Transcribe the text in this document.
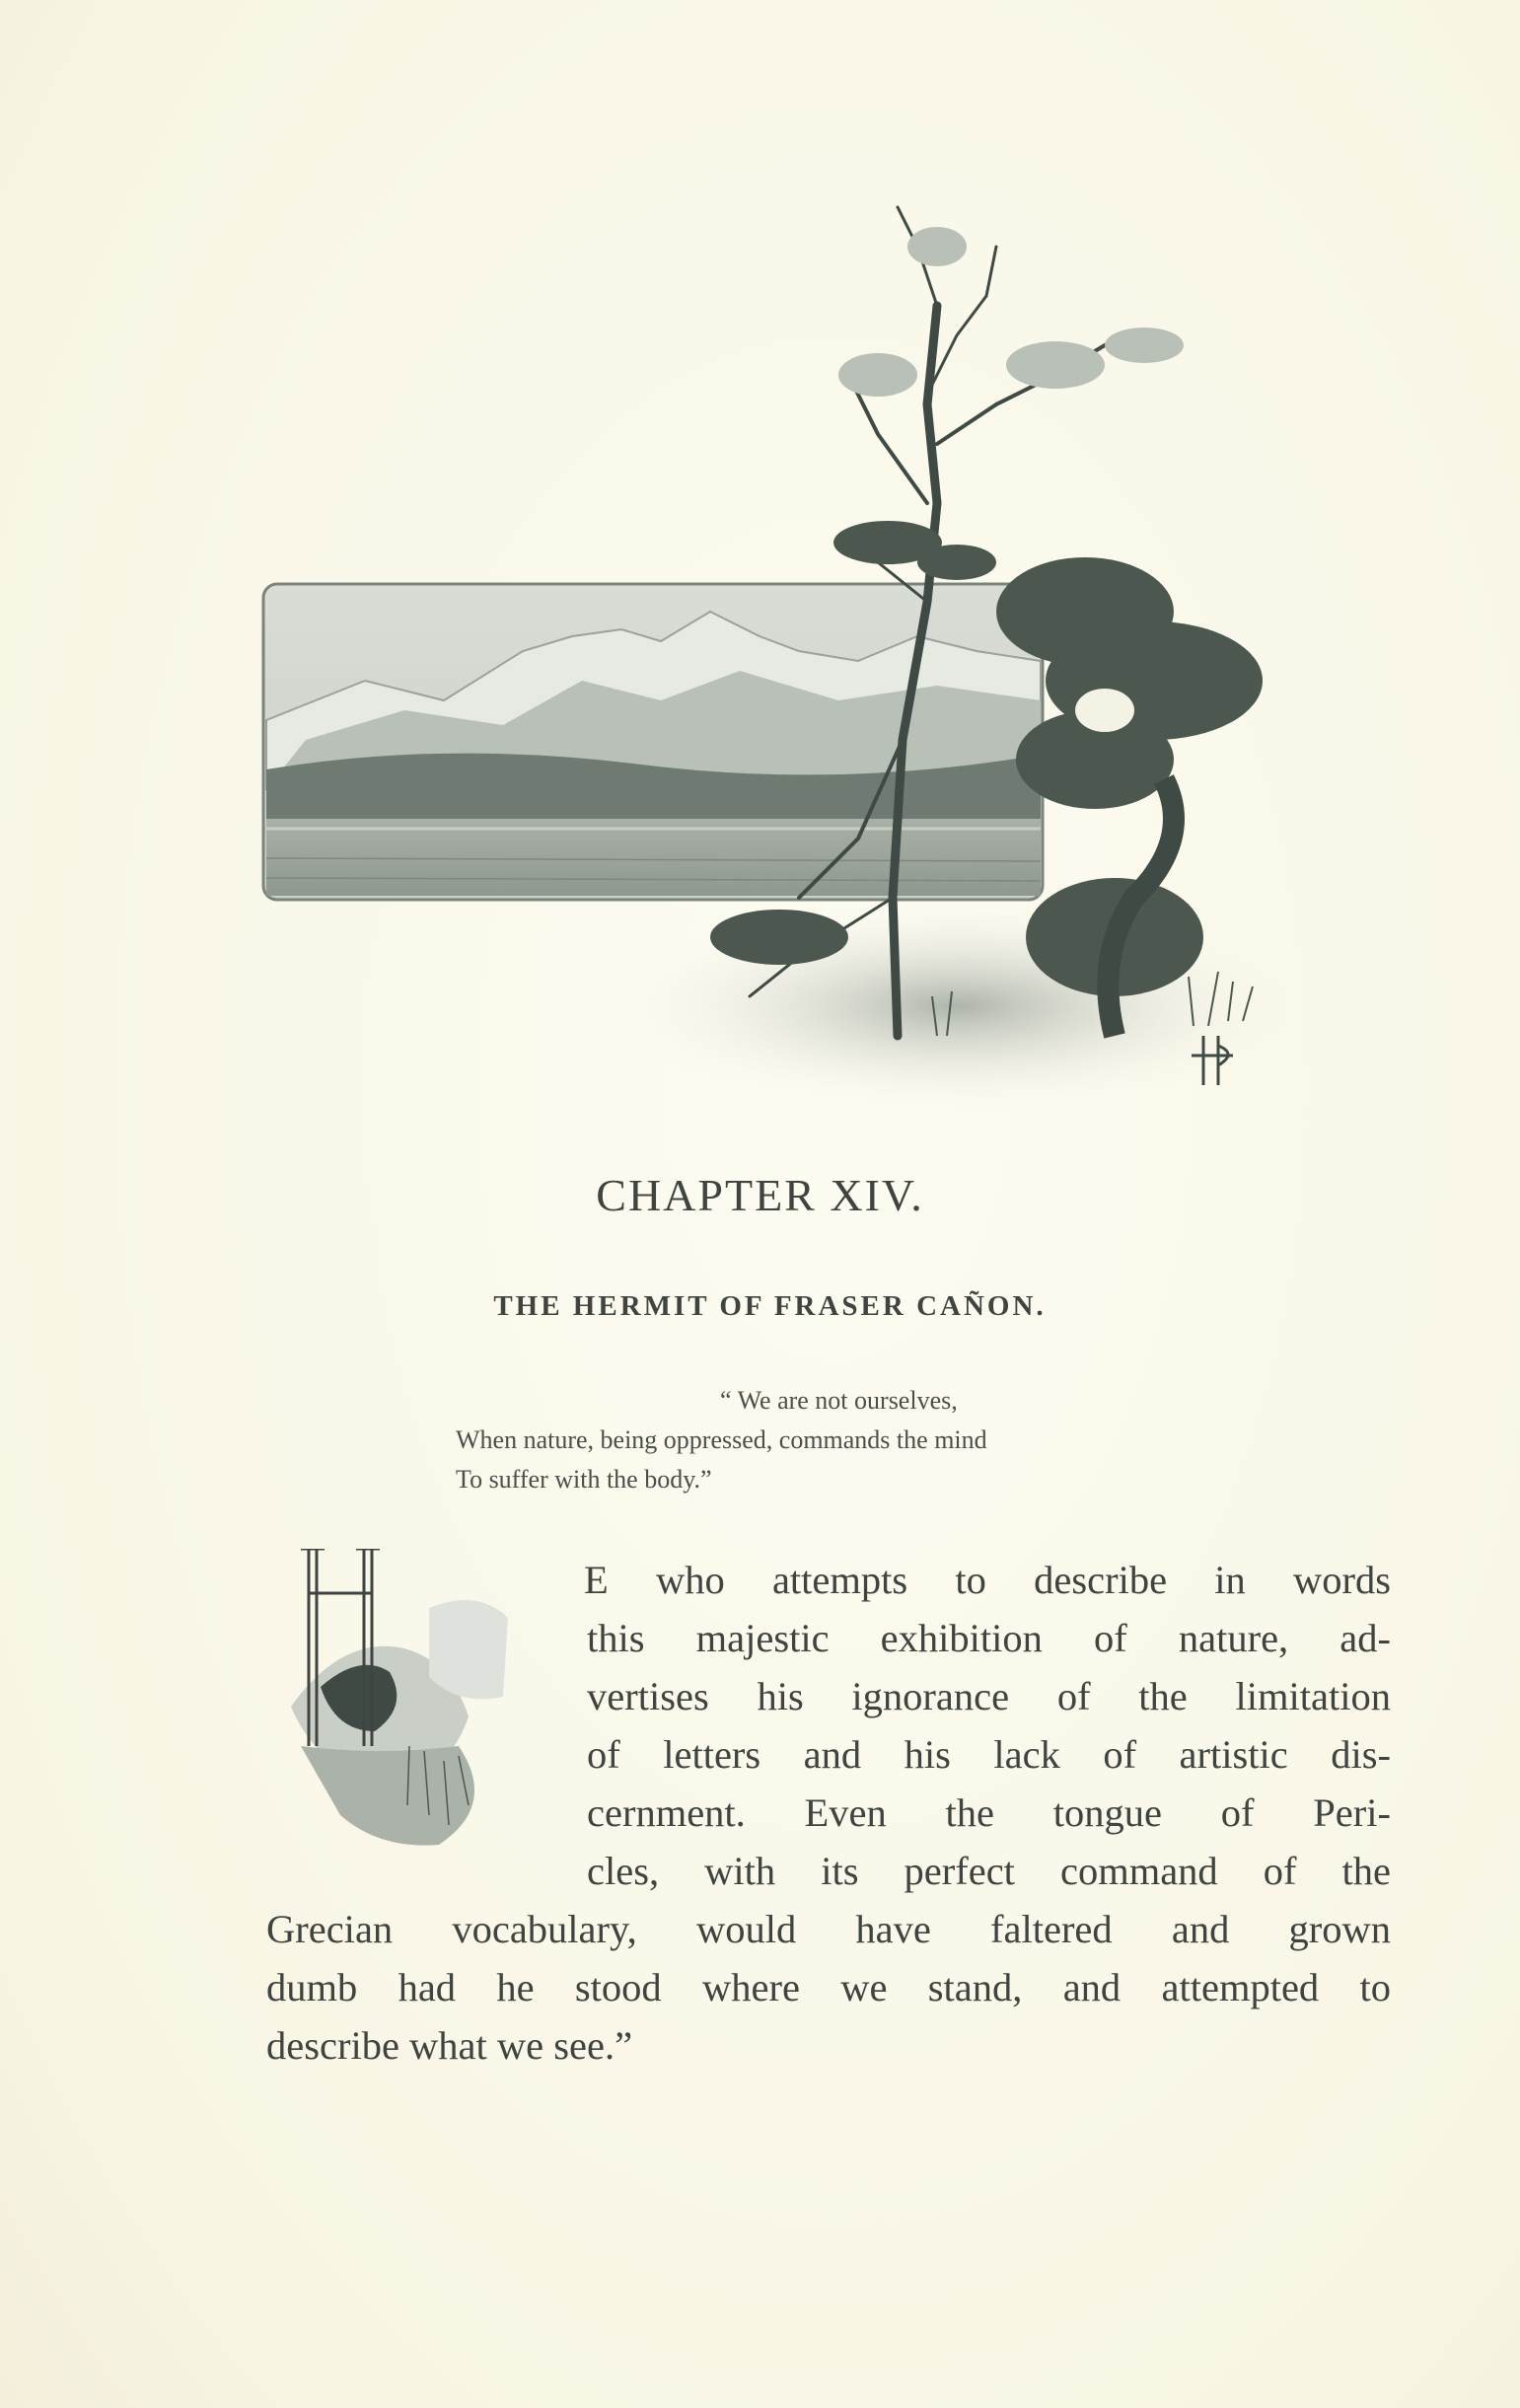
CHAPTER XIV.
THE HERMIT OF FRASER CAÑON.
“ We are not ourselves,
When nature, being oppressed, commands the mind
To suffer with the body.”
E who attempts to describe in words
this majestic exhibition of nature, ad-
vertises his ignorance of the limitation
of letters and his lack of artistic dis-
cernment. Even the tongue of Peri-
cles, with its perfect command of the
Grecian vocabulary, would have faltered and grown
dumb had he stood where we stand, and attempted to
describe what we see.”
